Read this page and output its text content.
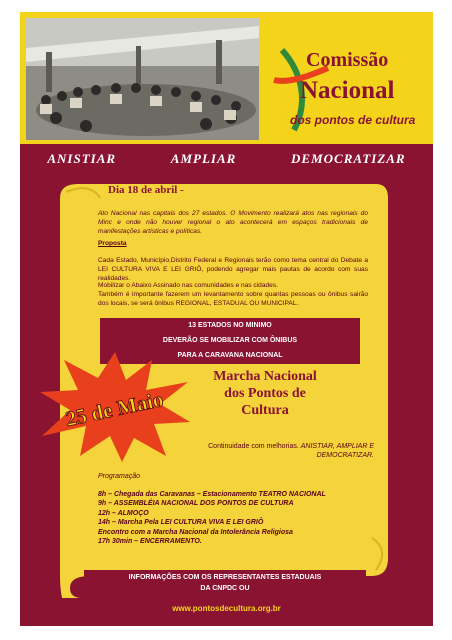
Comissão
Nacional
dos pontos de cultura
ANISTIAR	AMPLIAR	DEMOCRATIZAR
Dia 18 de abril -
Ato Nacional nas capitais dos 27 estados. O Movimento realizará atos nas regionais do Minc e onde não houver regional o ato acontecerá em espaços tradicionais de manifestações artísticas e políticas.
Proposta
Cada Estado, Município,Distrito Federal e Regionais terão como tema central do Debate a LEI CULTURA VIVA E LEI GRIÔ, podendo agregar mais pautas de acordo com suas realidades.
Mobilizar o Abaixo Assinado nas comunidades e nas cidades.
Também é importante fazerem um levantamento sobre quantas pessoas ou ônibus sairão dos locais, se será ônibus REGIONAL, ESTADUAL OU MUNICIPAL.
13 ESTADOS NO MINIMO
DEVERÃO SE MOBILIZAR COM ÔNIBUS
PARA A CARAVANA NACIONAL
25 de Maio
Marcha Nacional
dos Pontos de
Cultura
Continuidade com melhorias. ANISTIAR, AMPLIAR E DEMOCRATIZAR.
Programação
8h – Chegada das Caravanas – Estacionamento TEATRO NACIONAL
9h – ASSEMBLÉIA NACIONAL DOS PONTOS DE CULTURA
12h – ALMOÇO
14h – Marcha Pela LEI CULTURA VIVA E LEI GRIÔ
Encontro com a Marcha Nacional da Intolerância Religiosa
17h 30min – ENCERRAMENTO.
INFORMAÇÕES COM OS REPRESENTANTES ESTADUAIS
DA CNPDC OU
www.pontosdecultura.org.br
